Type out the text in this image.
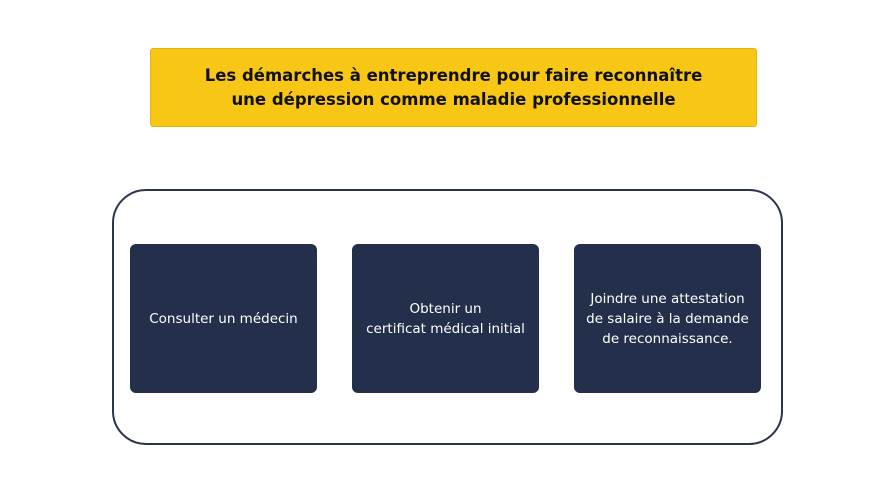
Les démarches à entreprendre pour faire reconnaître une dépression comme maladie professionnelle
Consulter un médecin
Obtenir un
certificat médical initial
Joindre une attestation
de salaire à la demande
de reconnaissance.
